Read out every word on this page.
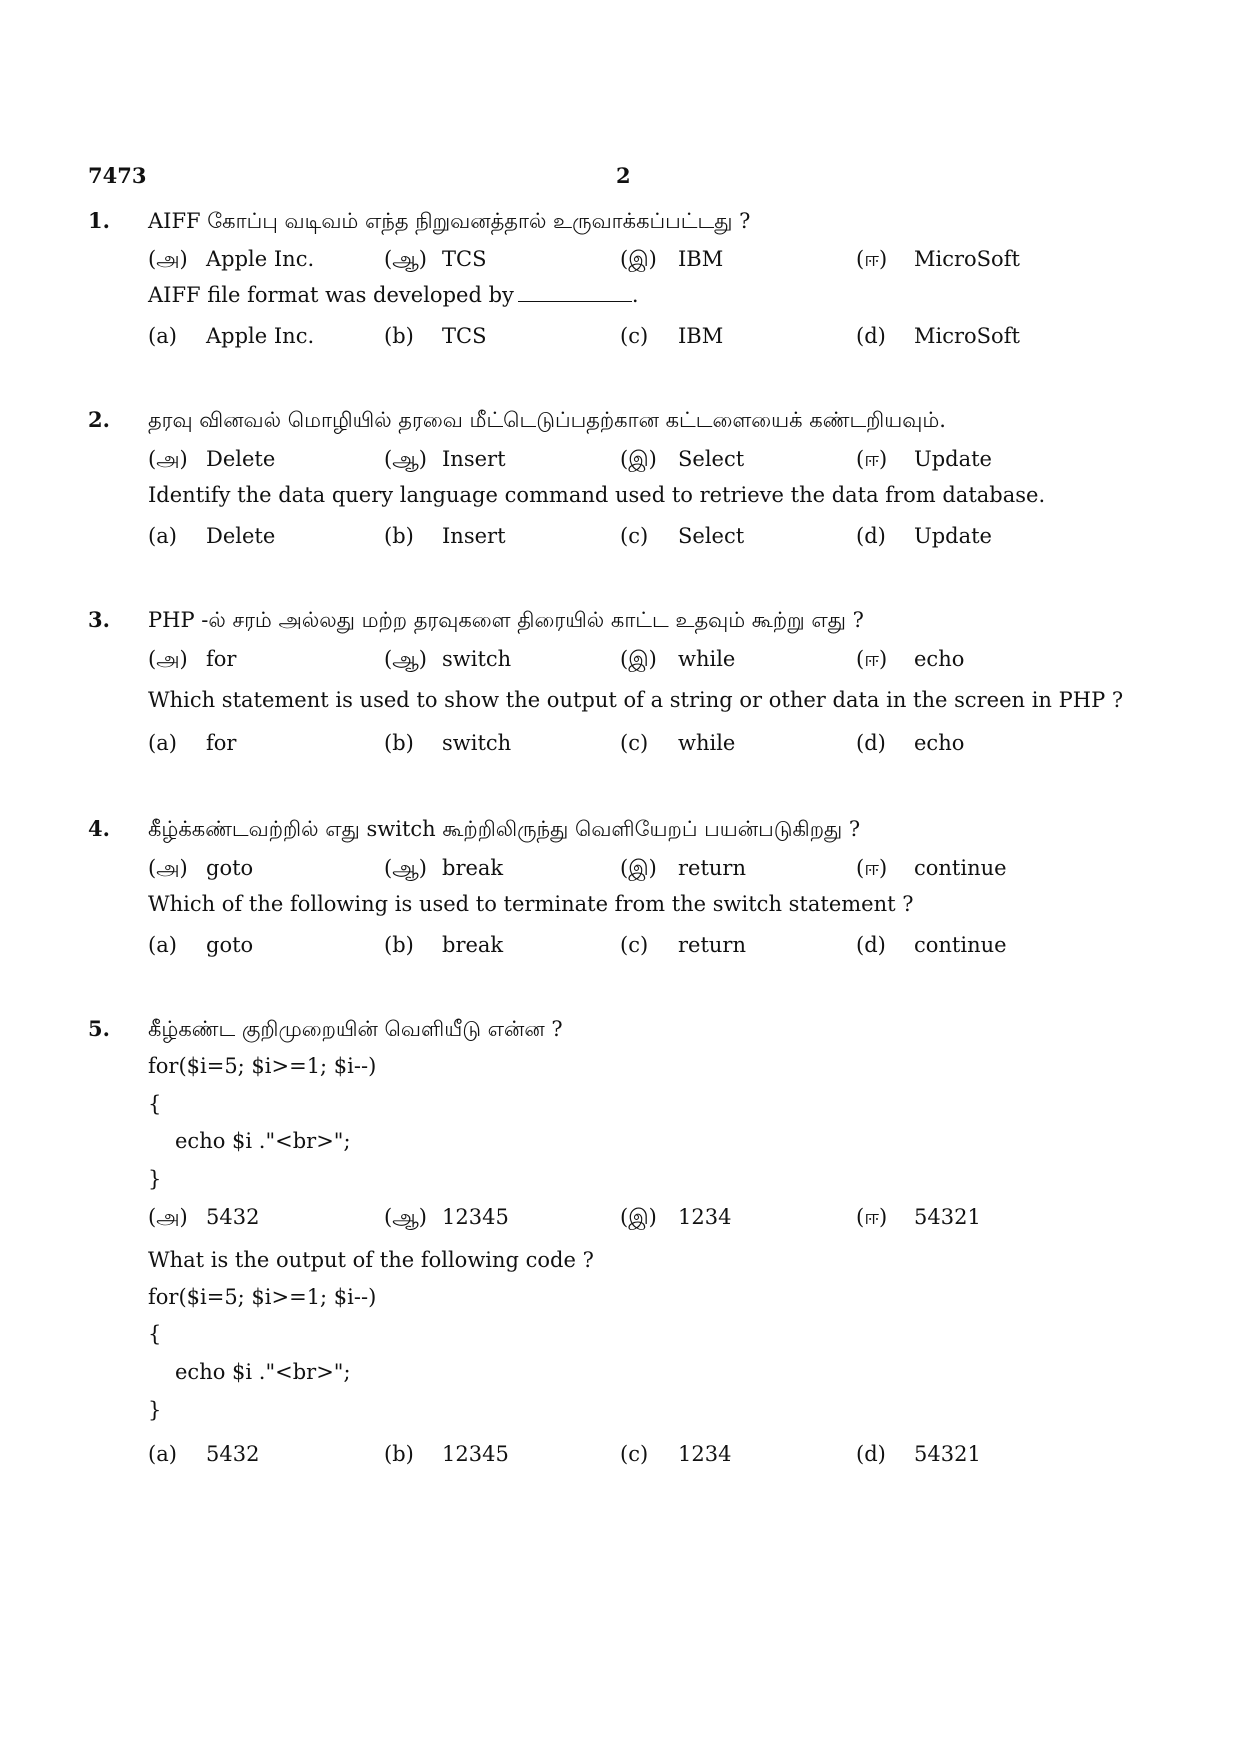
7473	2
1. AIFF கோப்பு வடிவம் எந்த நிறுவனத்தால் உருவாக்கப்பட்டது ?
(அ) Apple Inc.	(ஆ) TCS	(இ) IBM	(ஈ) MicroSoft
AIFF file format was developed by	.
(a) Apple Inc.	(b) TCS	(c) IBM	(d) MicroSoft
2. தரவு வினவல் மொழியில் தரவை மீட்டெடுப்பதற்கான கட்டளையைக் கண்டறியவும்.
(அ) Delete	(ஆ) Insert	(இ) Select	(ஈ) Update
Identify the data query language command used to retrieve the data from database.
(a) Delete	(b) Insert	(c) Select	(d) Update
3. PHP -ல் சரம் அல்லது மற்ற தரவுகளை திரையில் காட்ட உதவும் கூற்று எது ?
(அ) for	(ஆ) switch	(இ) while	(ஈ) echo
Which statement is used to show the output of a string or other data in the screen in PHP ?
(a) for	(b) switch	(c) while	(d) echo
4. கீழ்க்கண்டவற்றில் எது switch கூற்றிலிருந்து வெளியேறப் பயன்படுகிறது ?
(அ) goto	(ஆ) break	(இ) return	(ஈ) continue
Which of the following is used to terminate from the switch statement ?
(a) goto	(b) break	(c) return	(d) continue
5. கீழ்கண்ட குறிமுறையின் வெளியீடு என்ன ?
for($i=5; $i>=1; $i--)
{
echo $i ."<br>";
}
(அ) 5432	(ஆ) 12345	(இ) 1234	(ஈ) 54321
What is the output of the following code ?
for($i=5; $i>=1; $i--)
{
echo $i ."<br>";
}
(a) 5432	(b) 12345	(c) 1234	(d) 54321
